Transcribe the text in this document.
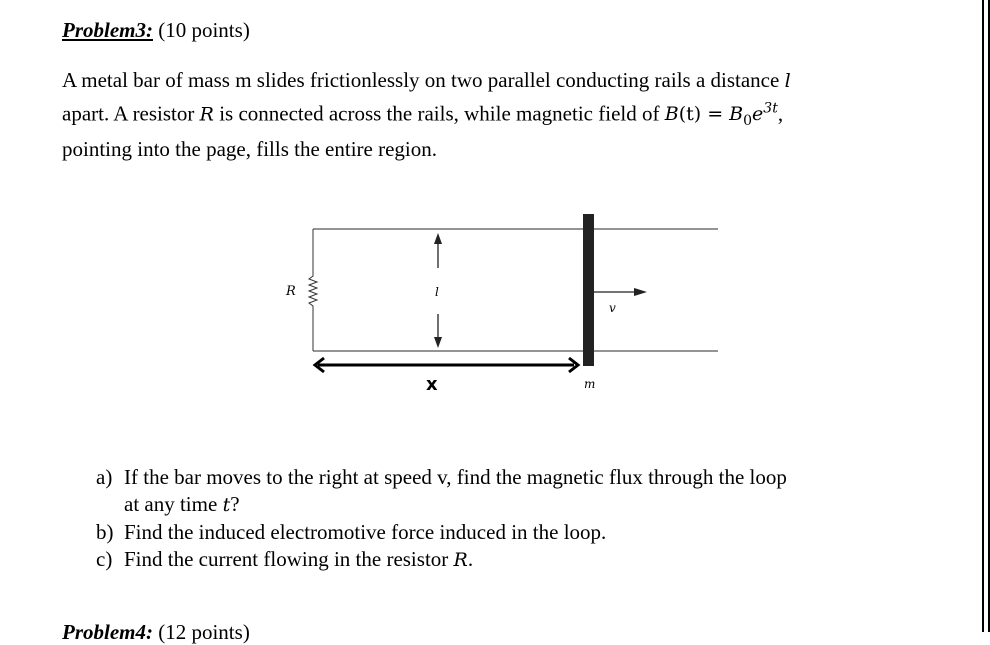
Problem3: (10 points)
A metal bar of mass m slides frictionlessly on two parallel conducting rails a distance l
apart. A resistor R is connected across the rails, while magnetic field of $B(t) = B_0e^{3t}$,
pointing into the page, fills the entire region.
R	l
v
m
x
a) If the bar moves to the right at speed v, find the magnetic flux through the loop
at any time t?
b) Find the induced electromotive force induced in the loop.
c) Find the current flowing in the resistor R.
Problem4: (12 points)
